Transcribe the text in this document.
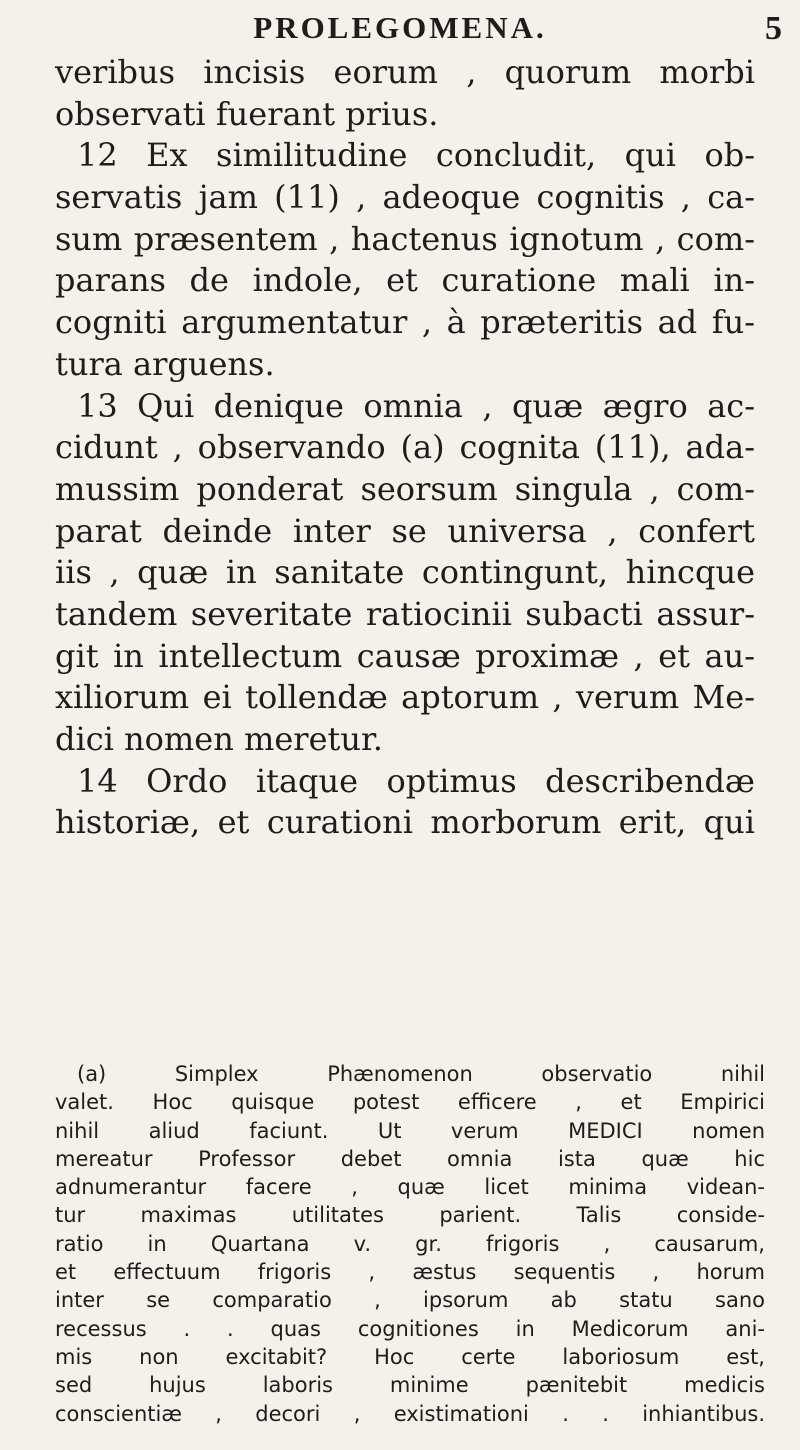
PROLEGOMENA.	5
veribus incisis eorum , quorum morbi
observati fuerant prius.
12 Ex similitudine concludit, qui ob-
servatis jam (11) , adeoque cognitis , ca-
sum præsentem , hactenus ignotum , com-
parans de indole, et curatione mali in-
cogniti argumentatur , à præteritis ad fu-
tura arguens.
13 Qui denique omnia , quæ ægro ac-
cidunt , observando (a) cognita (11), ada-
mussim ponderat seorsum singula , com-
parat deinde inter se universa , confert
iis , quæ in sanitate contingunt, hincque
tandem severitate ratiocinii subacti assur-
git in intellectum causæ proximæ , et au-
xiliorum ei tollendæ aptorum , verum Me-
dici nomen meretur.
14 Ordo itaque optimus describendæ
historiæ, et curationi morborum erit, qui
(a) Simplex Phænomenon observatio nihil
valet. Hoc quisque potest efficere , et Empirici
nihil aliud faciunt. Ut verum MEDICI nomen
mereatur Professor debet omnia ista quæ hic
adnumerantur facere , quæ licet minima videan-
tur maximas utilitates parient. Talis conside-
ratio in Quartana v. gr. frigoris , causarum,
et effectuum frigoris , æstus sequentis , horum
inter se comparatio , ipsorum ab statu sano
recessus . . quas cognitiones in Medicorum ani-
mis non excitabit? Hoc certe laboriosum est,
sed hujus laboris minime pænitebit medicis
conscientiæ , decori , existimationi . . inhiantibus.
